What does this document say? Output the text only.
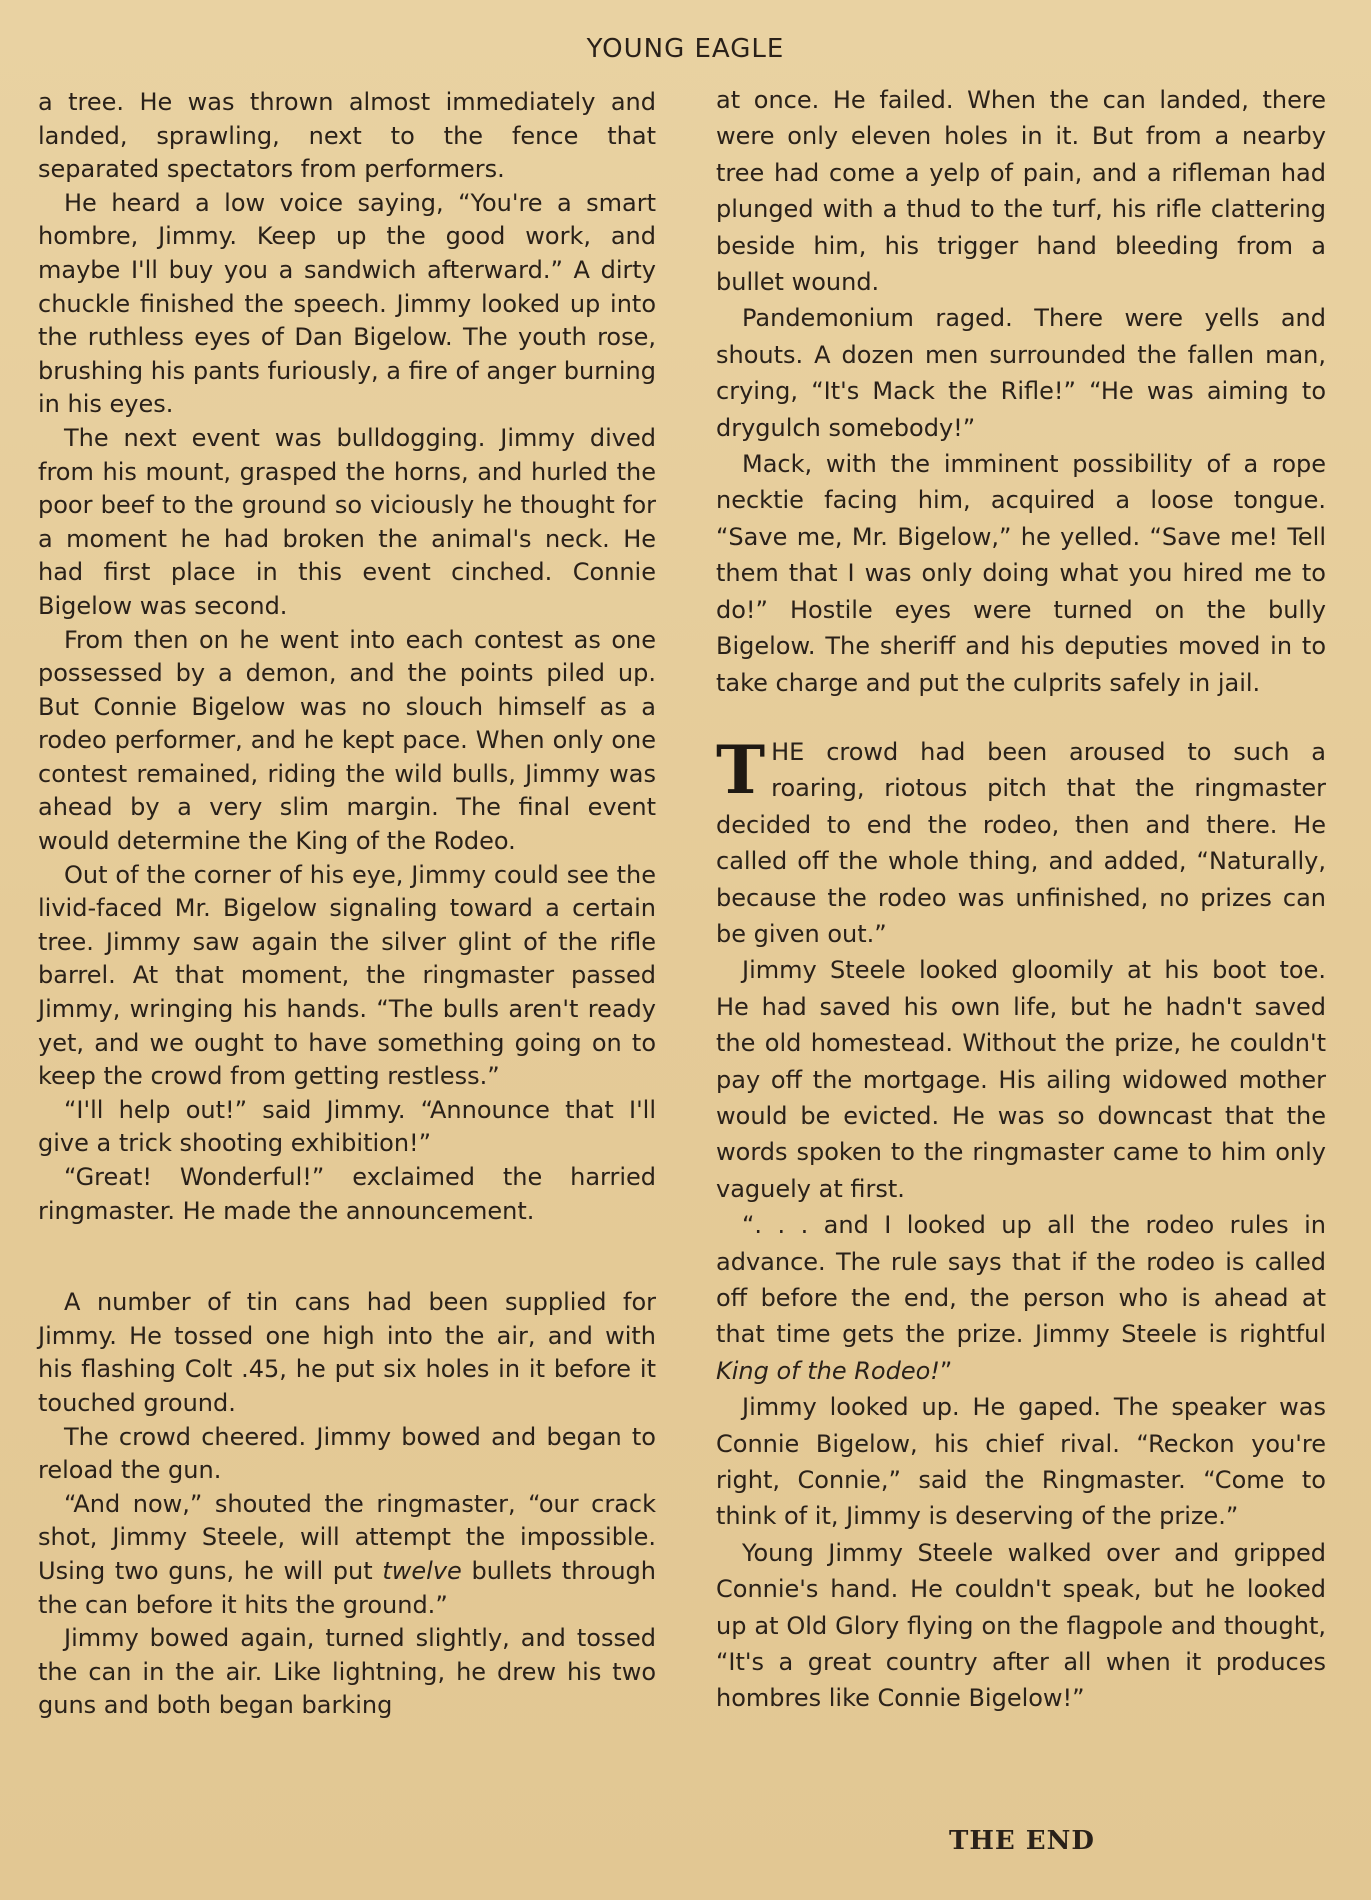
YOUNG EAGLE

a tree. He was thrown almost immediately and landed, sprawling, next to the fence that separated spectators from performers.

He heard a low voice saying, “You're a smart hombre, Jimmy. Keep up the good work, and maybe I'll buy you a sandwich afterward.” A dirty chuckle finished the speech. Jimmy looked up into the ruthless eyes of Dan Bigelow. The youth rose, brushing his pants furiously, a fire of anger burning in his eyes.

The next event was bulldogging. Jimmy dived from his mount, grasped the horns, and hurled the poor beef to the ground so viciously he thought for a moment he had broken the animal's neck. He had first place in this event cinched. Connie Bigelow was second.

From then on he went into each contest as one possessed by a demon, and the points piled up. But Connie Bigelow was no slouch himself as a rodeo performer, and he kept pace. When only one contest remained, riding the wild bulls, Jimmy was ahead by a very slim margin. The final event would determine the King of the Rodeo.

Out of the corner of his eye, Jimmy could see the livid-faced Mr. Bigelow signaling toward a certain tree. Jimmy saw again the silver glint of the rifle barrel. At that moment, the ringmaster passed Jimmy, wringing his hands. “The bulls aren't ready yet, and we ought to have something going on to keep the crowd from getting restless.”

“I'll help out!” said Jimmy. “Announce that I'll give a trick shooting exhibition!”

“Great! Wonderful!” exclaimed the harried ringmaster. He made the announcement.

A number of tin cans had been supplied for Jimmy. He tossed one high into the air, and with his flashing Colt .45, he put six holes in it before it touched ground.

The crowd cheered. Jimmy bowed and began to reload the gun.

“And now,” shouted the ringmaster, “our crack shot, Jimmy Steele, will attempt the impossible. Using two guns, he will put twelve bullets through the can before it hits the ground.”

Jimmy bowed again, turned slightly, and tossed the can in the air. Like lightning, he drew his two guns and both began barking

at once. He failed. When the can landed, there were only eleven holes in it. But from a nearby tree had come a yelp of pain, and a rifleman had plunged with a thud to the turf, his rifle clattering beside him, his trigger hand bleeding from a bullet wound.

Pandemonium raged. There were yells and shouts. A dozen men surrounded the fallen man, crying, “It's Mack the Rifle!” “He was aiming to drygulch somebody!”

Mack, with the imminent possibility of a rope necktie facing him, acquired a loose tongue. “Save me, Mr. Bigelow,” he yelled. “Save me! Tell them that I was only doing what you hired me to do!” Hostile eyes were turned on the bully Bigelow. The sheriff and his deputies moved in to take charge and put the culprits safely in jail.

THE crowd had been aroused to such a roaring, riotous pitch that the ringmaster decided to end the rodeo, then and there. He called off the whole thing, and added, “Naturally, because the rodeo was unfinished, no prizes can be given out.”

Jimmy Steele looked gloomily at his boot toe. He had saved his own life, but he hadn't saved the old homestead. Without the prize, he couldn't pay off the mortgage. His ailing widowed mother would be evicted. He was so downcast that the words spoken to the ringmaster came to him only vaguely at first.

“. . . and I looked up all the rodeo rules in advance. The rule says that if the rodeo is called off before the end, the person who is ahead at that time gets the prize. Jimmy Steele is rightful King of the Rodeo!”

Jimmy looked up. He gaped. The speaker was Connie Bigelow, his chief rival. “Reckon you're right, Connie,” said the Ringmaster. “Come to think of it, Jimmy is deserving of the prize.”

Young Jimmy Steele walked over and gripped Connie's hand. He couldn't speak, but he looked up at Old Glory flying on the flagpole and thought, “It's a great country after all when it produces hombres like Connie Bigelow!”

THE END
